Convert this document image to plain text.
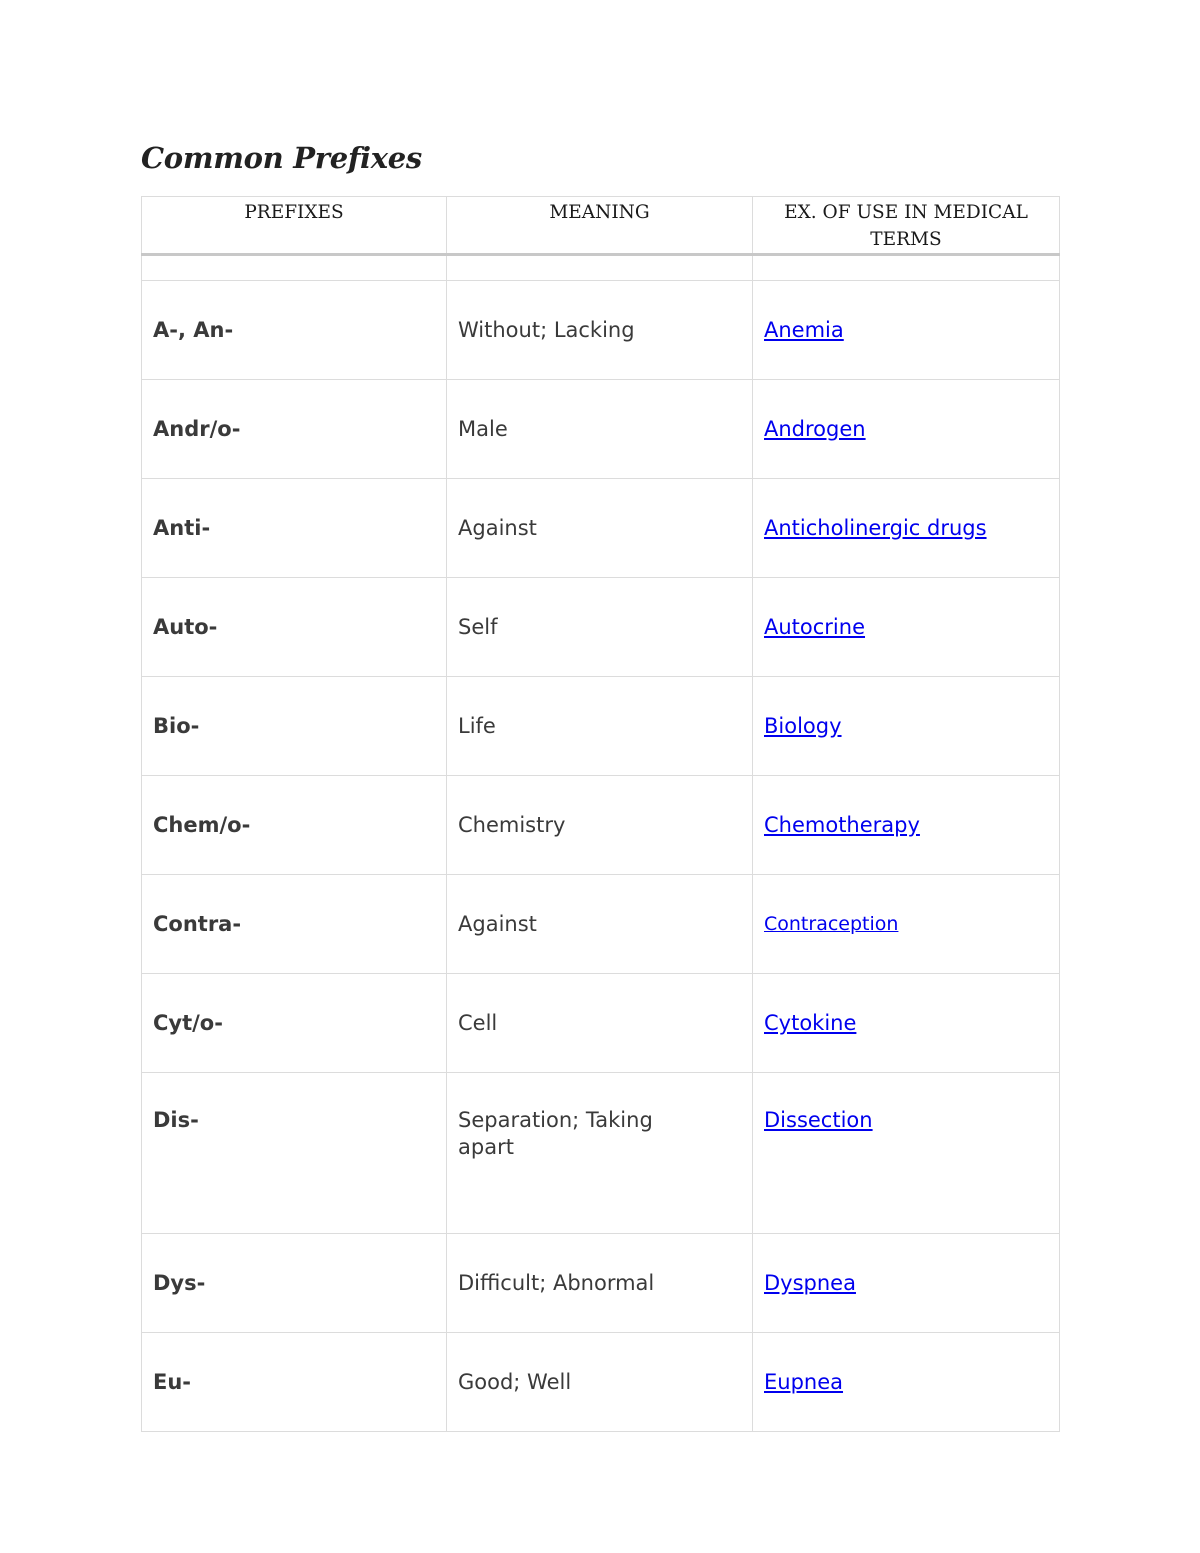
Common Prefixes
PREFIXES	MEANING	EX. OF USE IN MEDICAL TERMS

A-, An-	Without; Lacking	Anemia
Andr/o-	Male	Androgen
Anti-	Against	Anticholinergic drugs
Auto-	Self	Autocrine
Bio-	Life	Biology
Chem/o-	Chemistry	Chemotherapy
Contra-	Against	Contraception
Cyt/o-	Cell	Cytokine
Dis-	Separation; Taking apart	Dissection
Dys-	Difficult; Abnormal	Dyspnea
Eu-	Good; Well	Eupnea
